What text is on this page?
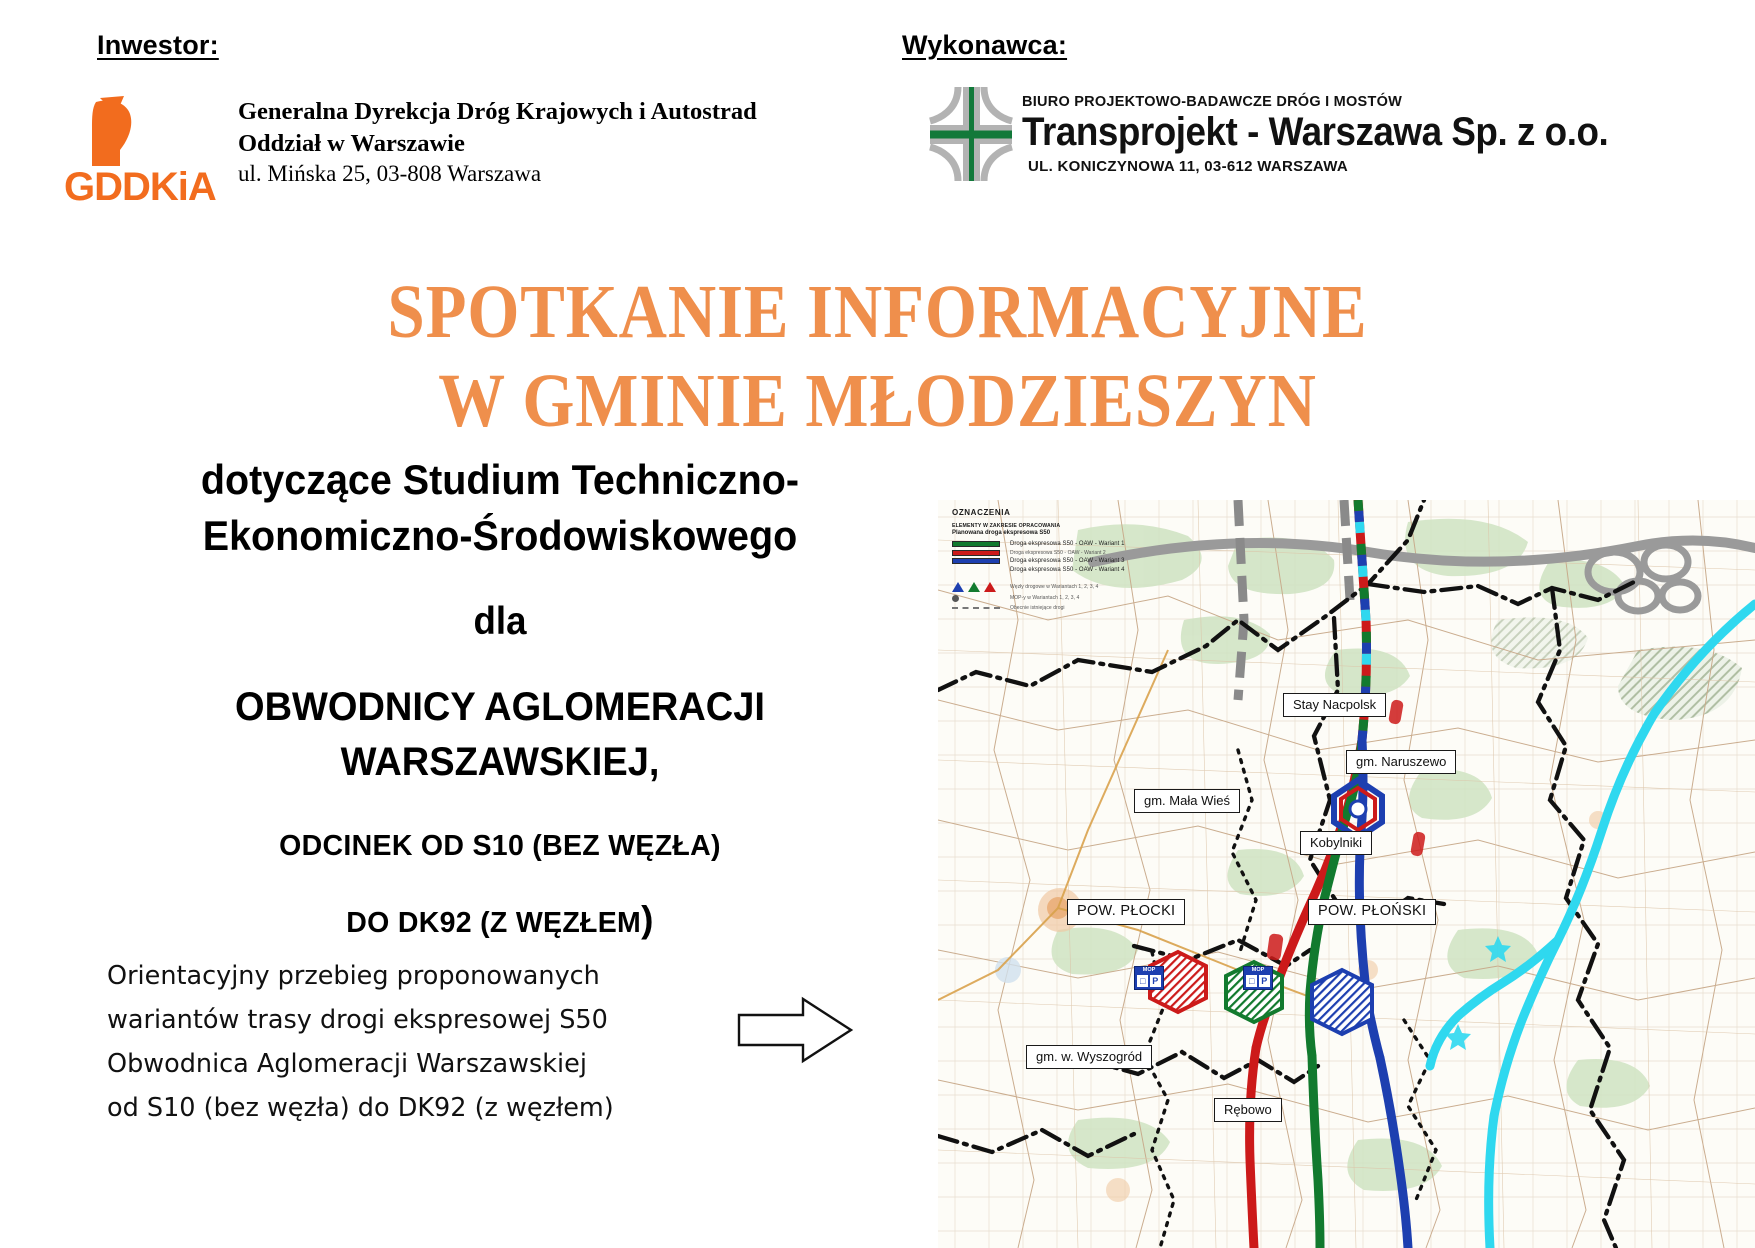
Inwestor:	Wykonawca:
GDDKiA
Generalna Dyrekcja Dróg Krajowych i Autostrad
Oddział w Warszawie
ul. Mińska 25, 03-808 Warszawa
BIURO PROJEKTOWO-BADAWCZE DRÓG I MOSTÓW
Transprojekt - Warszawa Sp. z o.o.
UL. KONICZYNOWA 11, 03-612 WARSZAWA
SPOTKANIE INFORMACYJNE
W GMINIE MŁODZIESZYN
dotyczące Studium Techniczno-
Ekonomiczno-Środowiskowego
dla
OBWODNICY AGLOMERACJI
WARSZAWSKIEJ,
ODCINEK OD S10 (BEZ WĘZŁA)
DO DK92 (Z WĘZŁEM)
Orientacyjny przebieg proponowanych
wariantów trasy drogi ekspresowej S50
Obwodnica Aglomeracji Warszawskiej
od S10 (bez węzła) do DK92 (z węzłem)
OZNACZENIA
ELEMENTY W ZAKRESIE OPRACOWANIA
Planowana droga ekspresowa S50
Droga ekspresowa S50 - OAW - Wariant 1
Droga ekspresowa S50 - OAW - Wariant 2
Droga ekspresowa S50 - OAW - Wariant 3
Droga ekspresowa S50 - OAW - Wariant 4
Węzły drogowe w Wariantach 1, 2, 3, 4
MOP-y w Wariantach 1, 2, 3, 4
Obecnie istniejące drogi
Stay Nacpolsk
gm. Naruszewo
gm. Mała Wieś
Kobylniki
POW. PŁOCKI	POW. PŁOŃSKI
gm. w. Wyszogród
Rębowo
MOP
□ P
MOP
□ P
